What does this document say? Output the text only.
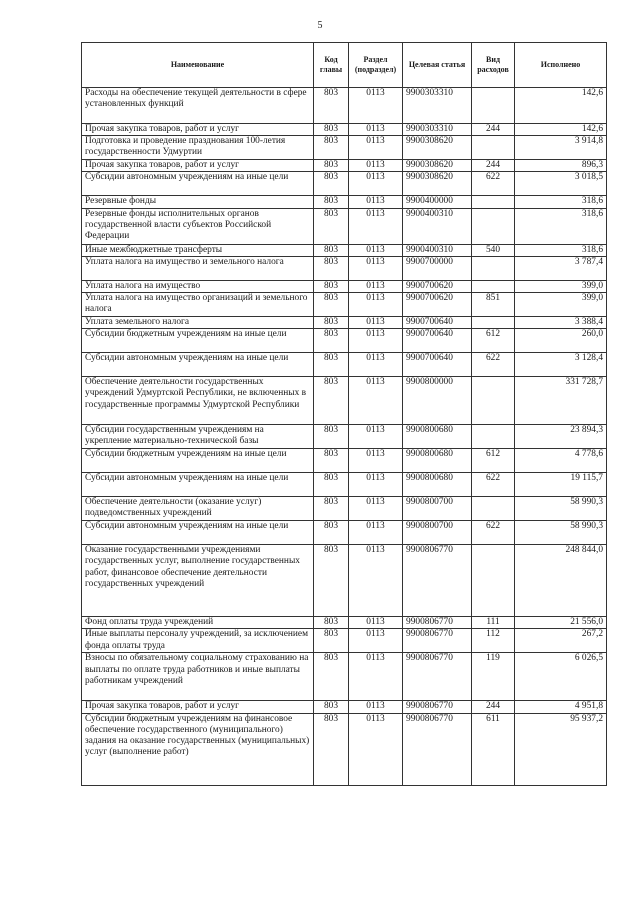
5
Наименование	Код главы	Раздел (подраздел)	Целевая статья	Вид расходов	Исполнено
Расходы на обеспечение текущей деятельности в сфере установленных функций	803	0113	9900303310		142,6
Прочая закупка товаров, работ и услуг	803	0113	9900303310	244	142,6
Подготовка и проведение празднования 100-летия государственности Удмуртии	803	0113	9900308620		3 914,8
Прочая закупка товаров, работ и услуг	803	0113	9900308620	244	896,3
Субсидии автономным учреждениям на иные цели	803	0113	9900308620	622	3 018,5
Резервные фонды	803	0113	9900400000		318,6
Резервные фонды исполнительных органов государственной власти субъектов Российской Федерации	803	0113	9900400310		318,6
Иные межбюджетные трансферты	803	0113	9900400310	540	318,6
Уплата налога на имущество и земельного налога	803	0113	9900700000		3 787,4
Уплата налога на имущество	803	0113	9900700620		399,0
Уплата налога на имущество организаций и земельного налога	803	0113	9900700620	851	399,0
Уплата земельного налога	803	0113	9900700640		3 388,4
Субсидии бюджетным учреждениям на иные цели	803	0113	9900700640	612	260,0
Субсидии автономным учреждениям на иные цели	803	0113	9900700640	622	3 128,4
Обеспечение деятельности государственных учреждений Удмуртской Республики, не включенных в государственные программы Удмуртской Республики	803	0113	9900800000		331 728,7
Субсидии государственным учреждениям на укрепление материально-технической базы	803	0113	9900800680		23 894,3
Субсидии бюджетным учреждениям на иные цели	803	0113	9900800680	612	4 778,6
Субсидии автономным учреждениям на иные цели	803	0113	9900800680	622	19 115,7
Обеспечение деятельности (оказание услуг) подведомственных учреждений	803	0113	9900800700		58 990,3
Субсидии автономным учреждениям на иные цели	803	0113	9900800700	622	58 990,3
Оказание государственными учреждениями государственных услуг, выполнение государственных работ, финансовое обеспечение деятельности государственных учреждений	803	0113	9900806770		248 844,0
Фонд оплаты труда учреждений	803	0113	9900806770	111	21 556,0
Иные выплаты персоналу учреждений, за исключением фонда оплаты труда	803	0113	9900806770	112	267,2
Взносы по обязательному социальному страхованию на выплаты по оплате труда работников и иные выплаты работникам учреждений	803	0113	9900806770	119	6 026,5
Прочая закупка товаров, работ и услуг	803	0113	9900806770	244	4 951,8
Субсидии бюджетным учреждениям на финансовое обеспечение государственного (муниципального) задания на оказание государственных (муниципальных) услуг (выполнение работ)	803	0113	9900806770	611	95 937,2
